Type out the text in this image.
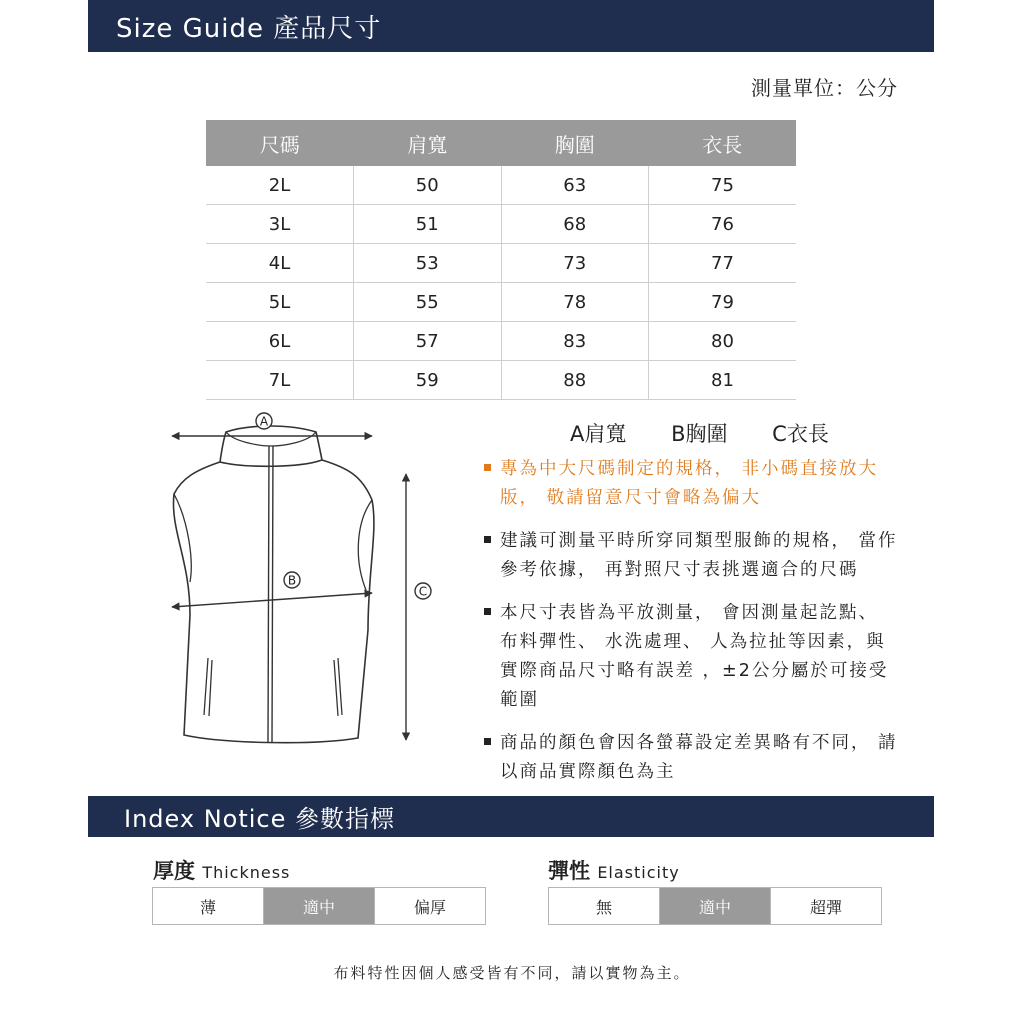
Size Guide 產品尺寸
測量單位：公分
尺碼	肩寬	胸圍	衣長
2L	50	63	75
3L	51	68	76
4L	53	73	77
5L	55	78	79
6L	57	83	80
7L	59	88	81
A
B
C
A肩寬 B胸圍 C衣長
專為中大尺碼制定的規格， 非小碼直接放大版， 敬請留意尺寸會略為偏大
建議可測量平時所穿同類型服飾的規格， 當作參考依據， 再對照尺寸表挑選適合的尺碼
本尺寸表皆為平放測量， 會因測量起訖點、 布料彈性、 水洗處理、 人為拉扯等因素，與實際商品尺寸略有誤差 ，±2公分屬於可接受範圍
商品的顏色會因各螢幕設定差異略有不同， 請以商品實際顏色為主
Index Notice 參數指標
厚度 Thickness
薄	適中	偏厚
彈性 Elasticity
無	適中	超彈
布料特性因個人感受皆有不同，請以實物為主。
